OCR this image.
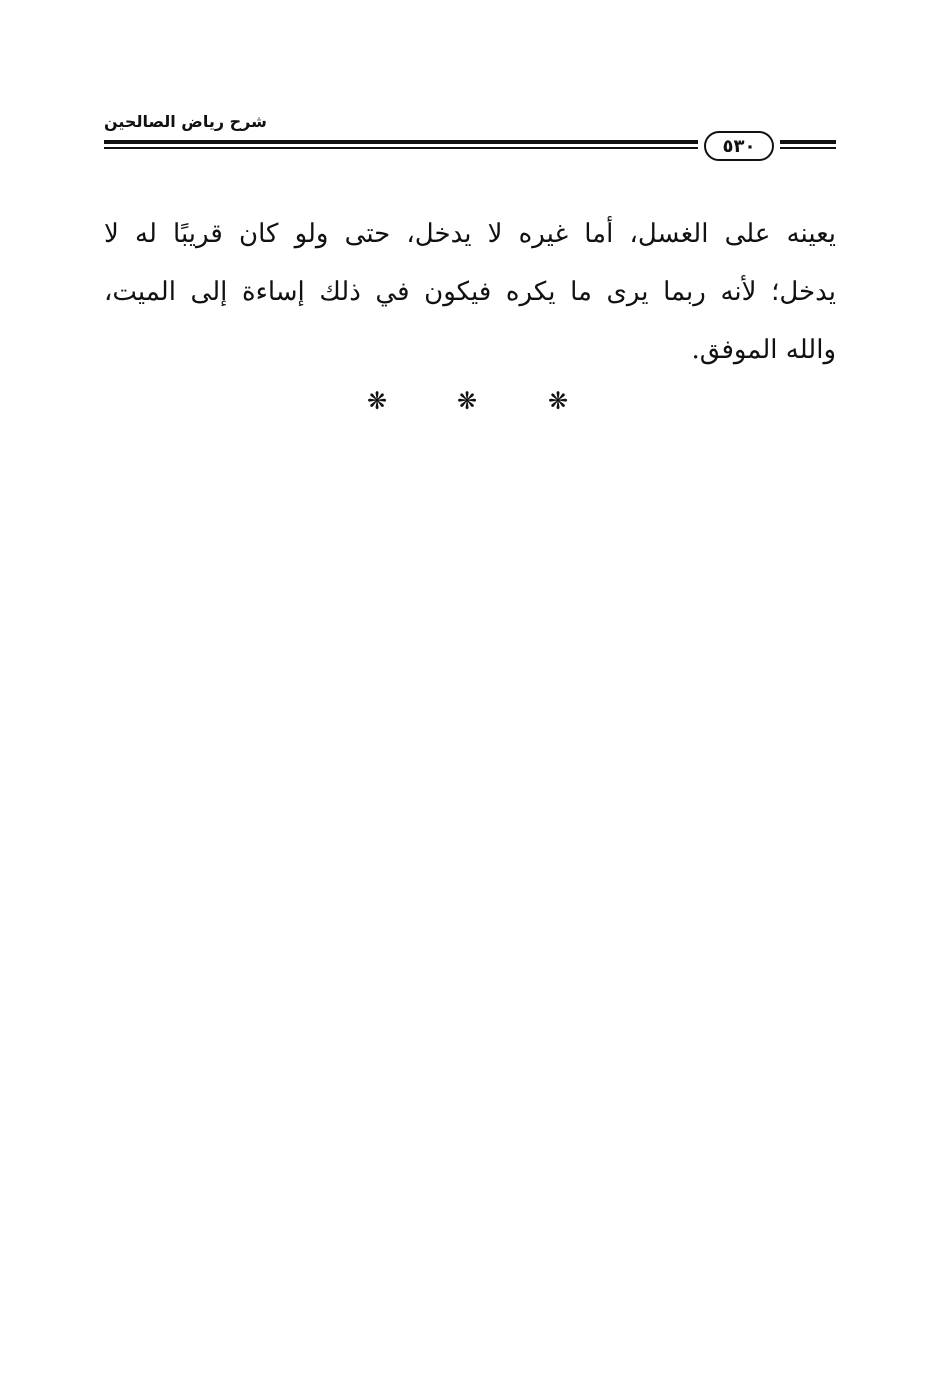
شرح رياض الصالحين
٥٣٠
يعينه على الغسل، أما غيره لا يدخل، حتى ولو كان قريبًا له لا
يدخل؛ لأنه ربما يرى ما يكره فيكون في ذلك إساءة إلى الميت،
والله الموفق.
❋	❋	❋
